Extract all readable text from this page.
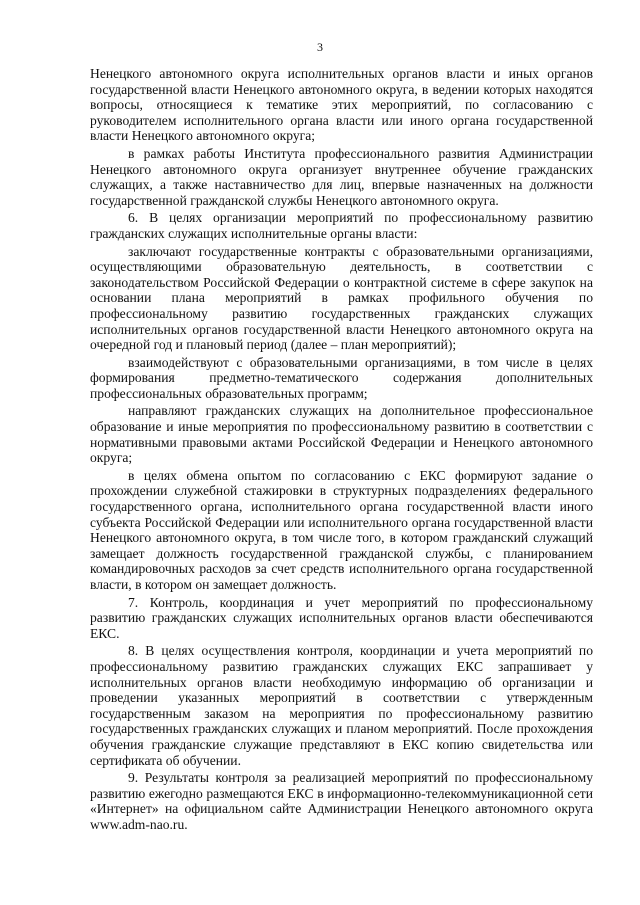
3

Ненецкого автономного округа исполнительных органов власти и иных органов государственной власти Ненецкого автономного округа, в ведении которых находятся вопросы, относящиеся к тематике этих мероприятий, по согласованию с руководителем исполнительного органа власти или иного органа государственной власти Ненецкого автономного округа;

в рамках работы Института профессионального развития Администрации Ненецкого автономного округа организует внутреннее обучение гражданских служащих, а также наставничество для лиц, впервые назначенных на должности государственной гражданской службы Ненецкого автономного округа.

6. В целях организации мероприятий по профессиональному развитию гражданских служащих исполнительные органы власти:

заключают государственные контракты с образовательными организациями, осуществляющими образовательную деятельность, в соответствии с законодательством Российской Федерации о контрактной системе в сфере закупок на основании плана мероприятий в рамках профильного обучения по профессиональному развитию государственных гражданских служащих исполнительных органов государственной власти Ненецкого автономного округа на очередной год и плановый период (далее – план мероприятий);

взаимодействуют с образовательными организациями, в том числе в целях формирования предметно-тематического содержания дополнительных профессиональных образовательных программ;

направляют гражданских служащих на дополнительное профессиональное образование и иные мероприятия по профессиональному развитию в соответствии с нормативными правовыми актами Российской Федерации и Ненецкого автономного округа;

в целях обмена опытом по согласованию с ЕКС формируют задание о прохождении служебной стажировки в структурных подразделениях федерального государственного органа, исполнительного органа государственной власти иного субъекта Российской Федерации или исполнительного органа государственной власти Ненецкого автономного округа, в том числе того, в котором гражданский служащий замещает должность государственной гражданской службы, с планированием командировочных расходов за счет средств исполнительного органа государственной власти, в котором он замещает должность.

7. Контроль, координация и учет мероприятий по профессиональному развитию гражданских служащих исполнительных органов власти обеспечиваются ЕКС.

8. В целях осуществления контроля, координации и учета мероприятий по профессиональному развитию гражданских служащих ЕКС запрашивает у исполнительных органов власти необходимую информацию об организации и проведении указанных мероприятий в соответствии с утвержденным государственным заказом на мероприятия по профессиональному развитию государственных гражданских служащих и планом мероприятий. После прохождения обучения гражданские служащие представляют в ЕКС копию свидетельства или сертификата об обучении.

9. Результаты контроля за реализацией мероприятий по профессиональному развитию ежегодно размещаются ЕКС в информационно-телекоммуникационной сети «Интернет» на официальном сайте Администрации Ненецкого автономного округа www.adm-nao.ru.
